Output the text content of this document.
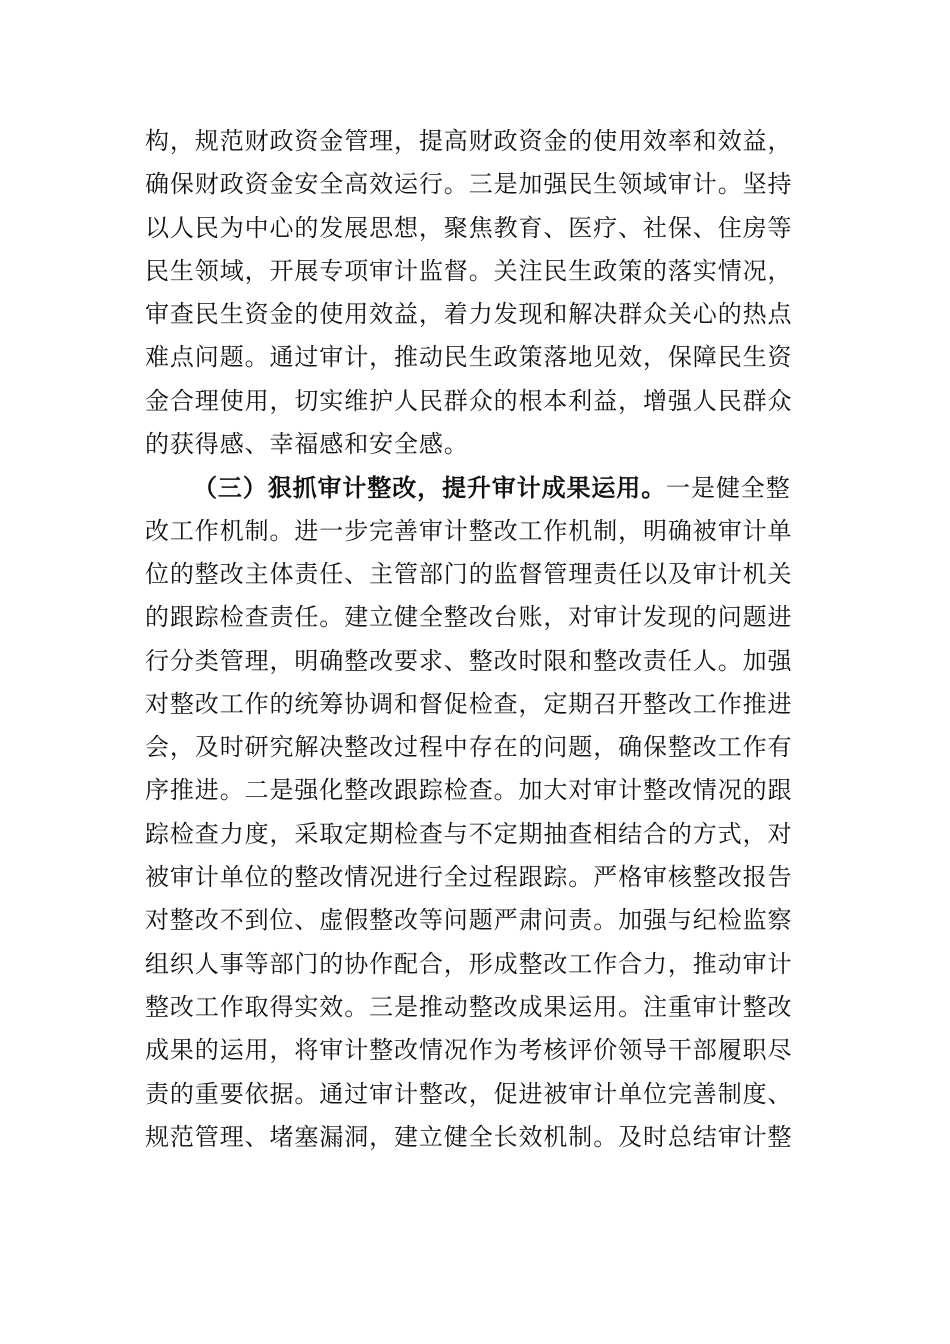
构，规范财政资金管理，提高财政资金的使用效率和效益，
确保财政资金安全高效运行。三是加强民生领域审计。坚持
以人民为中心的发展思想，聚焦教育、医疗、社保、住房等
民生领域，开展专项审计监督。关注民生政策的落实情况，
审查民生资金的使用效益，着力发现和解决群众关心的热点
难点问题。通过审计，推动民生政策落地见效，保障民生资
金合理使用，切实维护人民群众的根本利益，增强人民群众
的获得感、幸福感和安全感。
（三）狠抓审计整改，提升审计成果运用。一是健全整
改工作机制。进一步完善审计整改工作机制，明确被审计单
位的整改主体责任、主管部门的监督管理责任以及审计机关
的跟踪检查责任。建立健全整改台账，对审计发现的问题进
行分类管理，明确整改要求、整改时限和整改责任人。加强
对整改工作的统筹协调和督促检查，定期召开整改工作推进
会，及时研究解决整改过程中存在的问题，确保整改工作有
序推进。二是强化整改跟踪检查。加大对审计整改情况的跟
踪检查力度，采取定期检查与不定期抽查相结合的方式，对
被审计单位的整改情况进行全过程跟踪。严格审核整改报告
对整改不到位、虚假整改等问题严肃问责。加强与纪检监察
组织人事等部门的协作配合，形成整改工作合力，推动审计
整改工作取得实效。三是推动整改成果运用。注重审计整改
成果的运用，将审计整改情况作为考核评价领导干部履职尽
责的重要依据。通过审计整改，促进被审计单位完善制度、
规范管理、堵塞漏洞，建立健全长效机制。及时总结审计整
